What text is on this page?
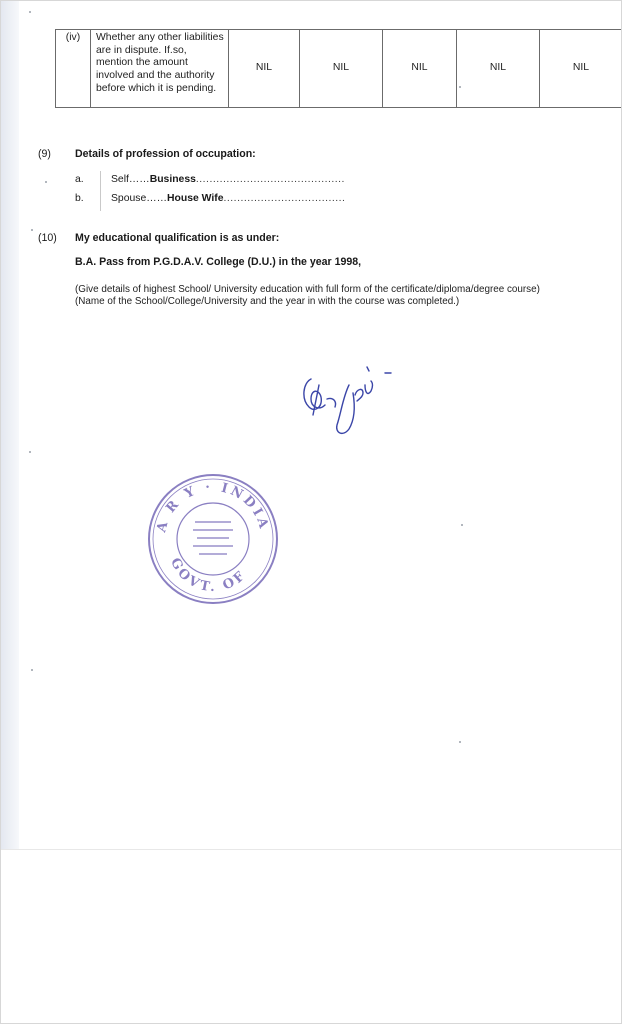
(iv)	Whether any other liabilities are in dispute. If.so, mention the amount involved and the authority before which it is pending.	NIL	NIL	NIL	NIL	NIL
(9) Details of profession of occupation:
a.	Self……Business............................................
b.	Spouse……House Wife....................................
(10) My educational qualification is as under:
B.A. Pass from P.G.D.A.V. College (D.U.) in the year 1998,
(Give details of highest School/ University education with full form of the certificate/diploma/degree course)
(Name of the School/College/University and the year in with the course was completed.)
A R Y · INDIA
GOVT. OF
